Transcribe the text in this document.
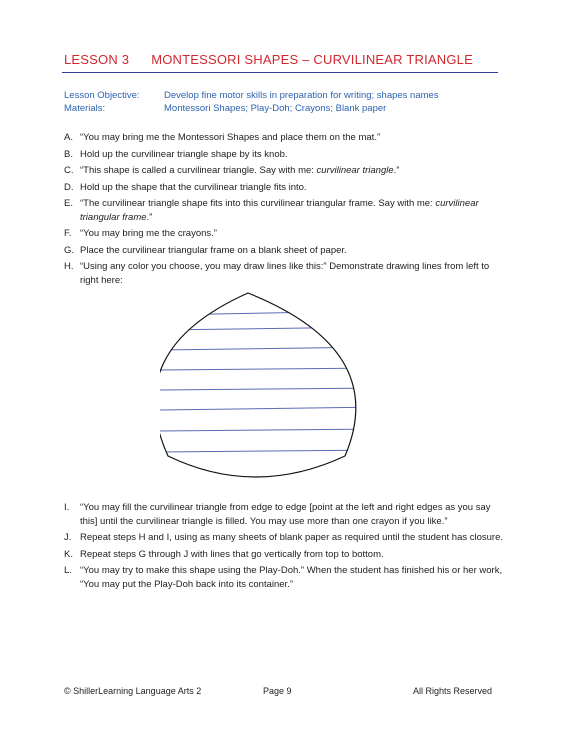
LESSON 3 MONTESSORI SHAPES – CURVILINEAR TRIANGLE
Lesson Objective:	Develop fine motor skills in preparation for writing; shapes names
Materials:	Montessori Shapes; Play-Doh; Crayons; Blank paper
A. “You may bring me the Montessori Shapes and place them on the mat.”
B. Hold up the curvilinear triangle shape by its knob.
C. “This shape is called a curvilinear triangle. Say with me: curvilinear triangle.”
D. Hold up the shape that the curvilinear triangle fits into.
E. “The curvilinear triangle shape fits into this curvilinear triangular frame. Say with me: curvilinear triangular frame.”
F. “You may bring me the crayons.”
G. Place the curvilinear triangular frame on a blank sheet of paper.
H. “Using any color you choose, you may draw lines like this:” Demonstrate drawing lines from left to right here:
I.	“You may fill the curvilinear triangle from edge to edge [point at the left and right edges as you say this] until the curvilinear triangle is filled. You may use more than one crayon if you like.”
J. Repeat steps H and I, using as many sheets of blank paper as required until the student has closure.
K. Repeat steps G through J with lines that go vertically from top to bottom.
L. “You may try to make this shape using the Play-Doh.” When the student has finished his or her work, “You may put the Play-Doh back into its container.”
© ShillerLearning Language Arts 2	Page 9	All Rights Reserved
